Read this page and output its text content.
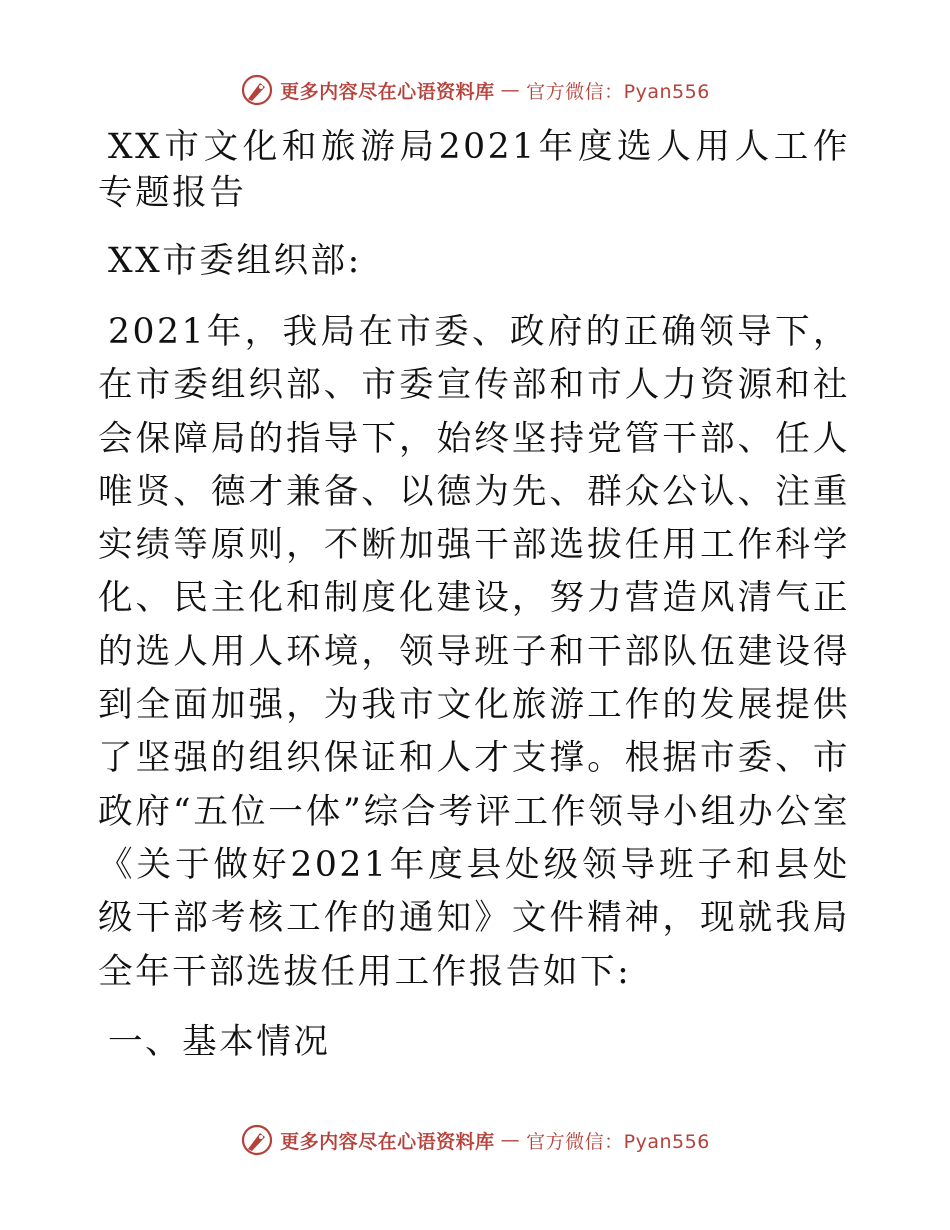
更多内容尽在心语资料库 — 官方微信：Pyan556

XX市文化和旅游局2021年度选人用人工作专题报告

XX市委组织部:

2021年，我局在市委、政府的正确领导下，在市委组织部、市委宣传部和市人力资源和社会保障局的指导下，始终坚持党管干部、任人唯贤、德才兼备、以德为先、群众公认、注重实绩等原则，不断加强干部选拔任用工作科学化、民主化和制度化建设，努力营造风清气正的选人用人环境，领导班子和干部队伍建设得到全面加强，为我市文化旅游工作的发展提供了坚强的组织保证和人才支撑。根据市委、市政府“五位一体”综合考评工作领导小组办公室《关于做好2021年度县处级领导班子和县处级干部考核工作的通知》文件精神，现就我局全年干部选拔任用工作报告如下:

一、基本情况

更多内容尽在心语资料库 — 官方微信：Pyan556
